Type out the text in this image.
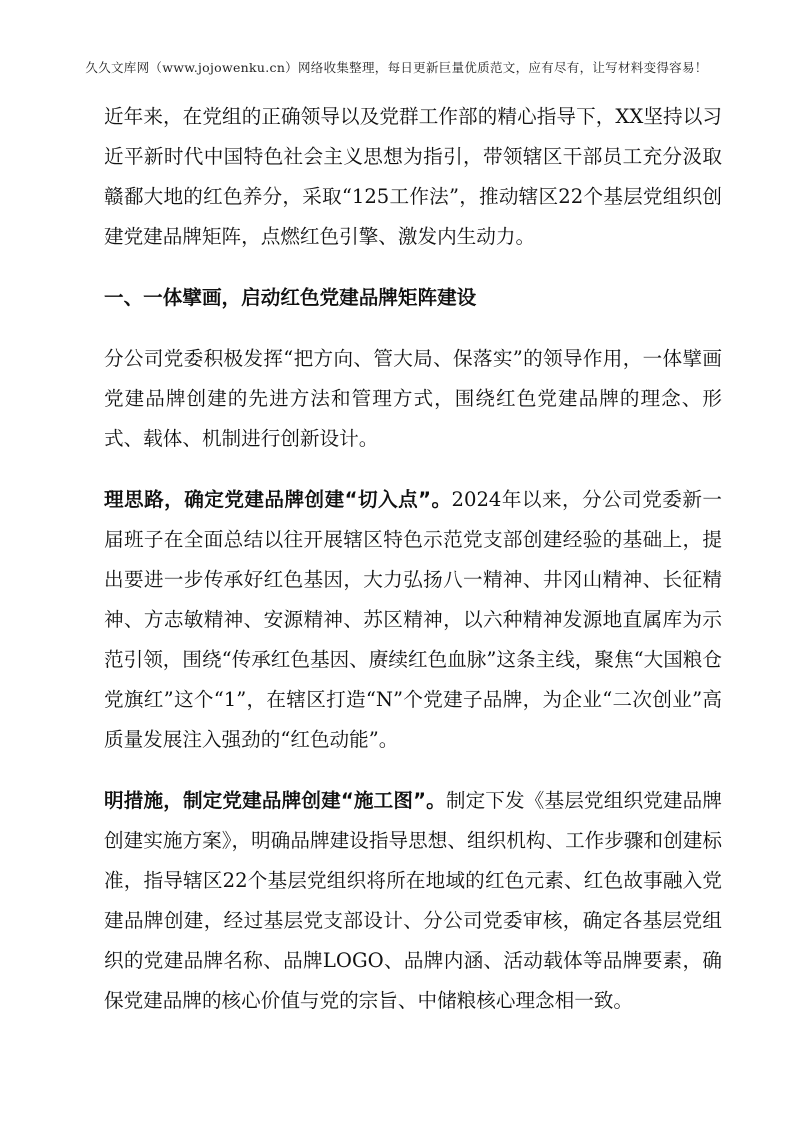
久久文库网（www.jojowenku.cn）网络收集整理，每日更新巨量优质范文，应有尽有，让写材料变得容易！

近年来，在党组的正确领导以及党群工作部的精心指导下，XX坚持以习近平新时代中国特色社会主义思想为指引，带领辖区干部员工充分汲取赣鄱大地的红色养分，采取“125工作法”，推动辖区22个基层党组织创建党建品牌矩阵，点燃红色引擎、激发内生动力。

一、一体擘画，启动红色党建品牌矩阵建设

分公司党委积极发挥“把方向、管大局、保落实”的领导作用，一体擘画党建品牌创建的先进方法和管理方式，围绕红色党建品牌的理念、形式、载体、机制进行创新设计。

理思路，确定党建品牌创建“切入点”。2024年以来，分公司党委新一届班子在全面总结以往开展辖区特色示范党支部创建经验的基础上，提出要进一步传承好红色基因，大力弘扬八一精神、井冈山精神、长征精神、方志敏精神、安源精神、苏区精神，以六种精神发源地直属库为示范引领，围绕“传承红色基因、赓续红色血脉”这条主线，聚焦“大国粮仓党旗红”这个“1”，在辖区打造“N”个党建子品牌，为企业“二次创业”高质量发展注入强劲的“红色动能”。

明措施，制定党建品牌创建“施工图”。制定下发《基层党组织党建品牌创建实施方案》，明确品牌建设指导思想、组织机构、工作步骤和创建标准，指导辖区22个基层党组织将所在地域的红色元素、红色故事融入党建品牌创建，经过基层党支部设计、分公司党委审核，确定各基层党组织的党建品牌名称、品牌LOGO、品牌内涵、活动载体等品牌要素，确保党建品牌的核心价值与党的宗旨、中储粮核心理念相一致。
